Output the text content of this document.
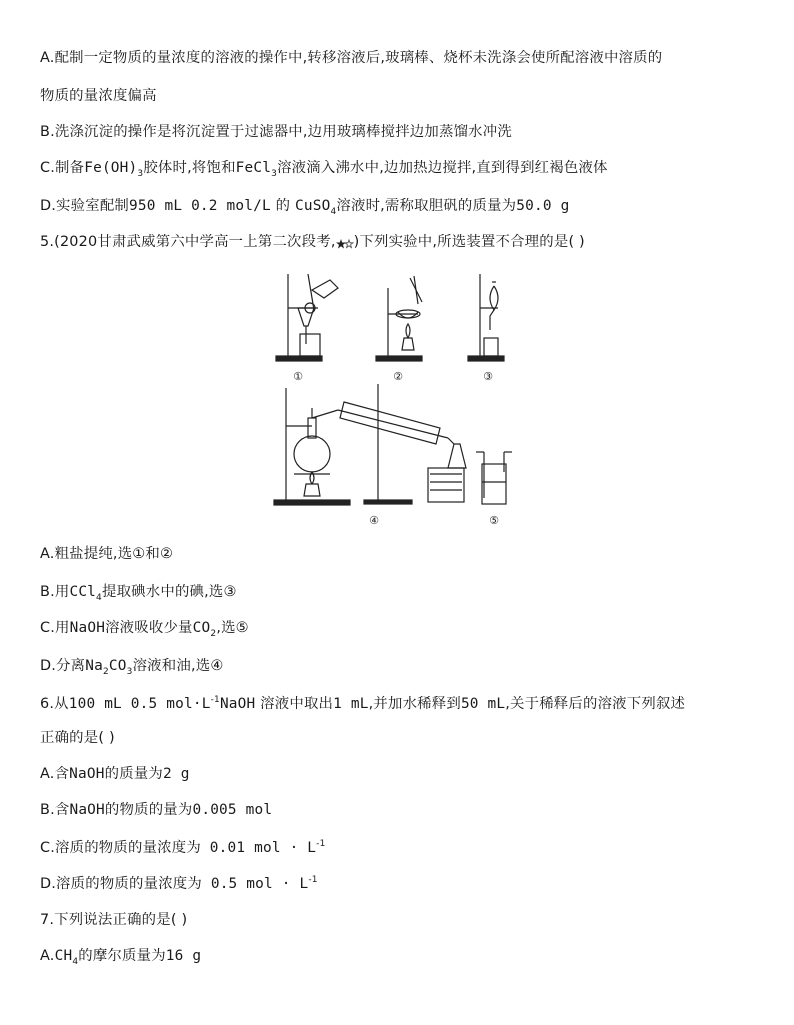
A.配制一定物质的量浓度的溶液的操作中,转移溶液后,玻璃棒、烧杯未洗涤会使所配溶液中溶质的
物质的量浓度偏高
B.洗涤沉淀的操作是将沉淀置于过滤器中,边用玻璃棒搅拌边加蒸馏水冲洗
C.制备$Fe(OH)_3$胶体时,将饱和FeCl$_3$溶液滴入沸水中,边加热边搅拌,直到得到红褐色液体
D.实验室配制950 mL 0.2 mol/L 的 CuSO$_4$溶液时,需称取胆矾的质量为50.0 g
5.(2020甘肃武威第六中学高一上第二次段考, )下列实验中,所选装置不合理的是( )
①	②	③
④	⑤
A.粗盐提纯,选①和②
B.用CCl$_4$提取碘水中的碘,选③
C.用NaOH溶液吸收少量$CO_2$,选⑤
D.分离$Na_2CO_3$溶液和油,选④
6.从100 mL 0.5 $mol\cdot L^{-1}NaOH$ 溶液中取出1 mL,并加水稀释到50 mL,关于稀释后的溶液下列叙述
正确的是( )
A.含NaOH的质量为2 g
B.含NaOH的物质的量为0.005 mol
C.溶质的物质的量浓度为 0.01 mol · $L^{-1}$
D.溶质的物质的量浓度为 0.5 mol · $L^{-1}$
7.下列说法正确的是( )
$A.CH_4$的摩尔质量为16 g
